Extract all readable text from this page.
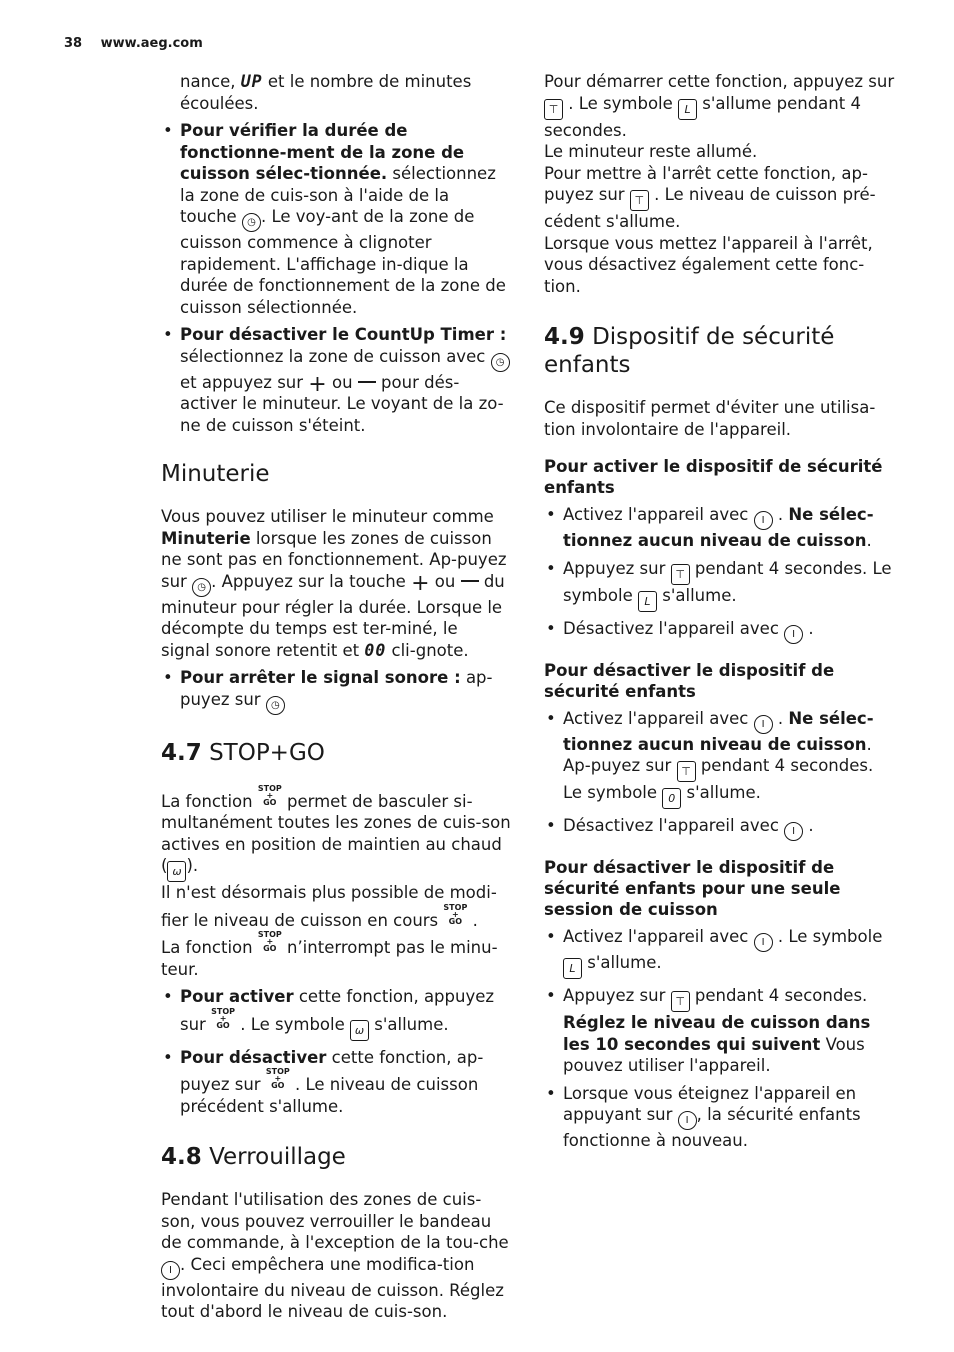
38 www.aeg.com

nance, UP et le nombre de minutes écoulées.

• Pour vérifier la durée de fonctionne-ment de la zone de cuisson sélec-tionnée. sélectionnez la zone de cuis-son à l'aide de la touche ◷ . Le voy-ant de la zone de cuisson commence à clignoter rapidement. L'affichage in-dique la durée de fonctionnement de la zone de cuisson sélectionnée.
• Pour désactiver le CountUp Timer : sélectionnez la zone de cuisson avec ◷ et appuyez sur + ou pour dés-activer le minuteur. Le voyant de la zo-ne de cuisson s'éteint.
Minuterie

Vous pouvez utiliser le minuteur comme Minuterie lorsque les zones de cuisson ne sont pas en fonctionnement. Ap-puyez sur ◷ . Appuyez sur la touche + ou du minuteur pour régler la durée. Lorsque le décompte du temps est ter-miné, le signal sonore retentit et 00 cli-gnote.

• Pour arrêter le signal sonore : ap-puyez sur ◷
4.7 STOP+GO

La fonction STOP
+
GO permet de basculer si-multanément toutes les zones de cuis-son actives en position de maintien au chaud ( ω ).

Il n'est désormais plus possible de modi-fier le niveau de cuisson en cours STOP
+
GO .

La fonction STOP
+
GO n’interrompt pas le minu-teur.

• Pour activer cette fonction, appuyez sur STOP
+
GO . Le symbole ω s'allume.
• Pour désactiver cette fonction, ap-puyez sur STOP
+
GO . Le niveau de cuisson précédent s'allume.
4.8 Verrouillage

Pendant l'utilisation des zones de cuis-son, vous pouvez verrouiller le bandeau de commande, à l'exception de la tou-che I . Ceci empêchera une modifica-tion involontaire du niveau de cuisson. Réglez tout d'abord le niveau de cuis-son.

Pour démarrer cette fonction, appuyez sur ⊤ . Le symbole L s'allume pendant 4 secondes.

Le minuteur reste allumé.

Pour mettre à l'arrêt cette fonction, ap-puyez sur ⊤ . Le niveau de cuisson pré-cédent s'allume.

Lorsque vous mettez l'appareil à l'arrêt, vous désactivez également cette fonc-tion.

4.9 Dispositif de sécurité enfants

Ce dispositif permet d'éviter une utilisa-tion involontaire de l'appareil.

Pour activer le dispositif de sécurité enfants
• Activez l'appareil avec I . Ne sélec-tionnez aucun niveau de cuisson.
• Appuyez sur ⊤ pendant 4 secondes. Le symbole L s'allume.
• Désactivez l'appareil avec I .
Pour désactiver le dispositif de sécurité enfants
• Activez l'appareil avec I . Ne sélec-tionnez aucun niveau de cuisson. Ap-puyez sur ⊤ pendant 4 secondes. Le symbole 0 s'allume.
• Désactivez l'appareil avec I .
Pour désactiver le dispositif de sécurité enfants pour une seule session de cuisson
• Activez l'appareil avec I . Le symbole L s'allume.
• Appuyez sur ⊤ pendant 4 secondes. Réglez le niveau de cuisson dans les 10 secondes qui suivent Vous pouvez utiliser l'appareil.
• Lorsque vous éteignez l'appareil en appuyant sur I , la sécurité enfants fonctionne à nouveau.
